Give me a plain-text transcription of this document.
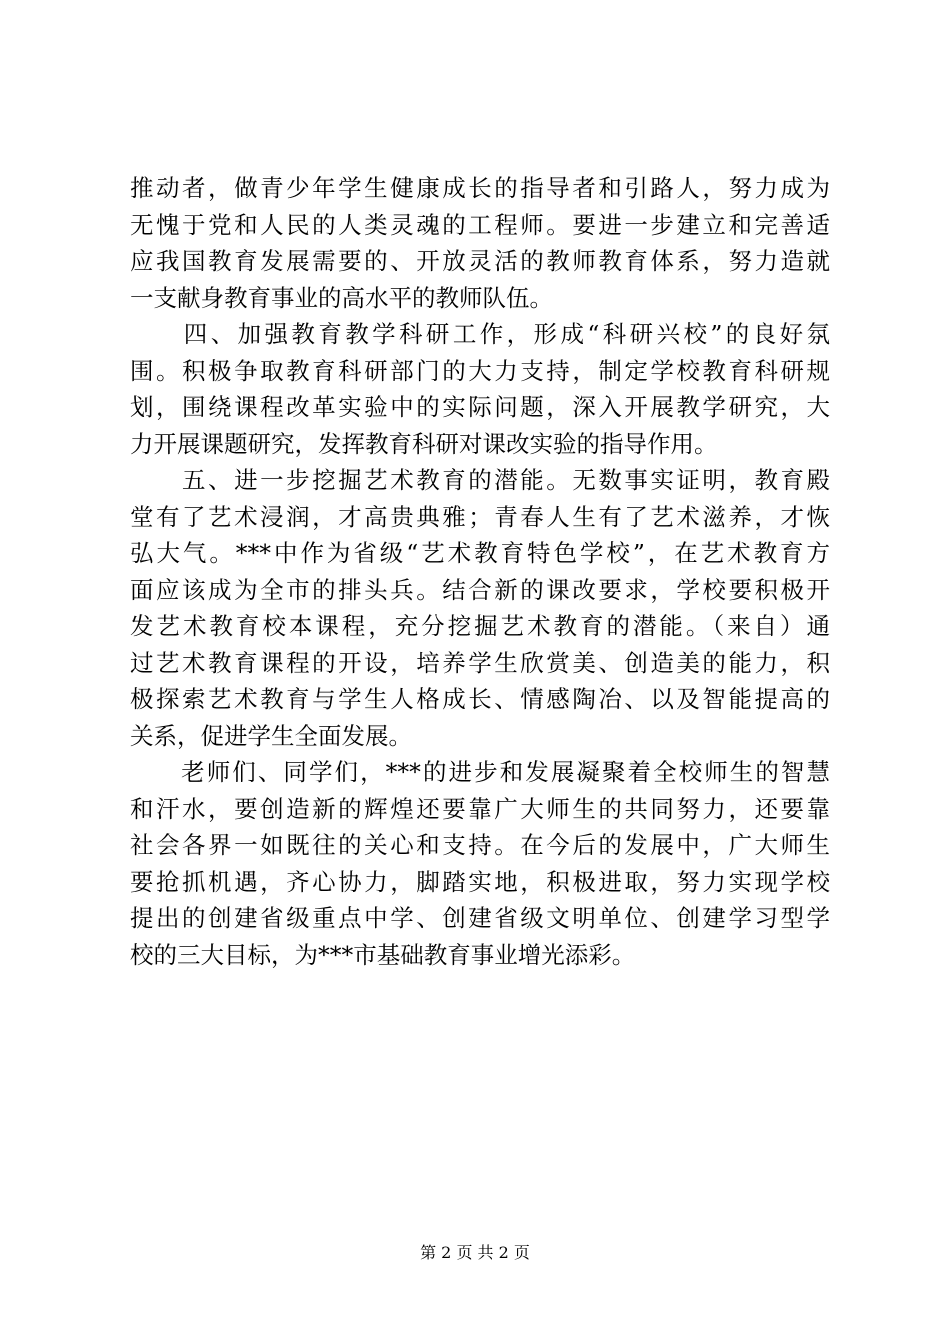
推动者，做青少年学生健康成长的指导者和引路人，努力成为
无愧于党和人民的人类灵魂的工程师。要进一步建立和完善适
应我国教育发展需要的、开放灵活的教师教育体系，努力造就
一支献身教育事业的高水平的教师队伍。
　　四、加强教育教学科研工作，形成“科研兴校”的良好氛
围。积极争取教育科研部门的大力支持，制定学校教育科研规
划，围绕课程改革实验中的实际问题，深入开展教学研究，大
力开展课题研究，发挥教育科研对课改实验的指导作用。
　　五、进一步挖掘艺术教育的潜能。无数事实证明，教育殿
堂有了艺术浸润，才高贵典雅；青春人生有了艺术滋养，才恢
弘大气。***中作为省级“艺术教育特色学校”，在艺术教育方
面应该成为全市的排头兵。结合新的课改要求，学校要积极开
发艺术教育校本课程，充分挖掘艺术教育的潜能。（来自）通
过艺术教育课程的开设，培养学生欣赏美、创造美的能力，积
极探索艺术教育与学生人格成长、情感陶冶、以及智能提高的
关系，促进学生全面发展。
　　老师们、同学们，***的进步和发展凝聚着全校师生的智慧
和汗水，要创造新的辉煌还要靠广大师生的共同努力，还要靠
社会各界一如既往的关心和支持。在今后的发展中，广大师生
要抢抓机遇，齐心协力，脚踏实地，积极进取，努力实现学校
提出的创建省级重点中学、创建省级文明单位、创建学习型学
校的三大目标，为***市基础教育事业增光添彩。
第 2 页 共 2 页
